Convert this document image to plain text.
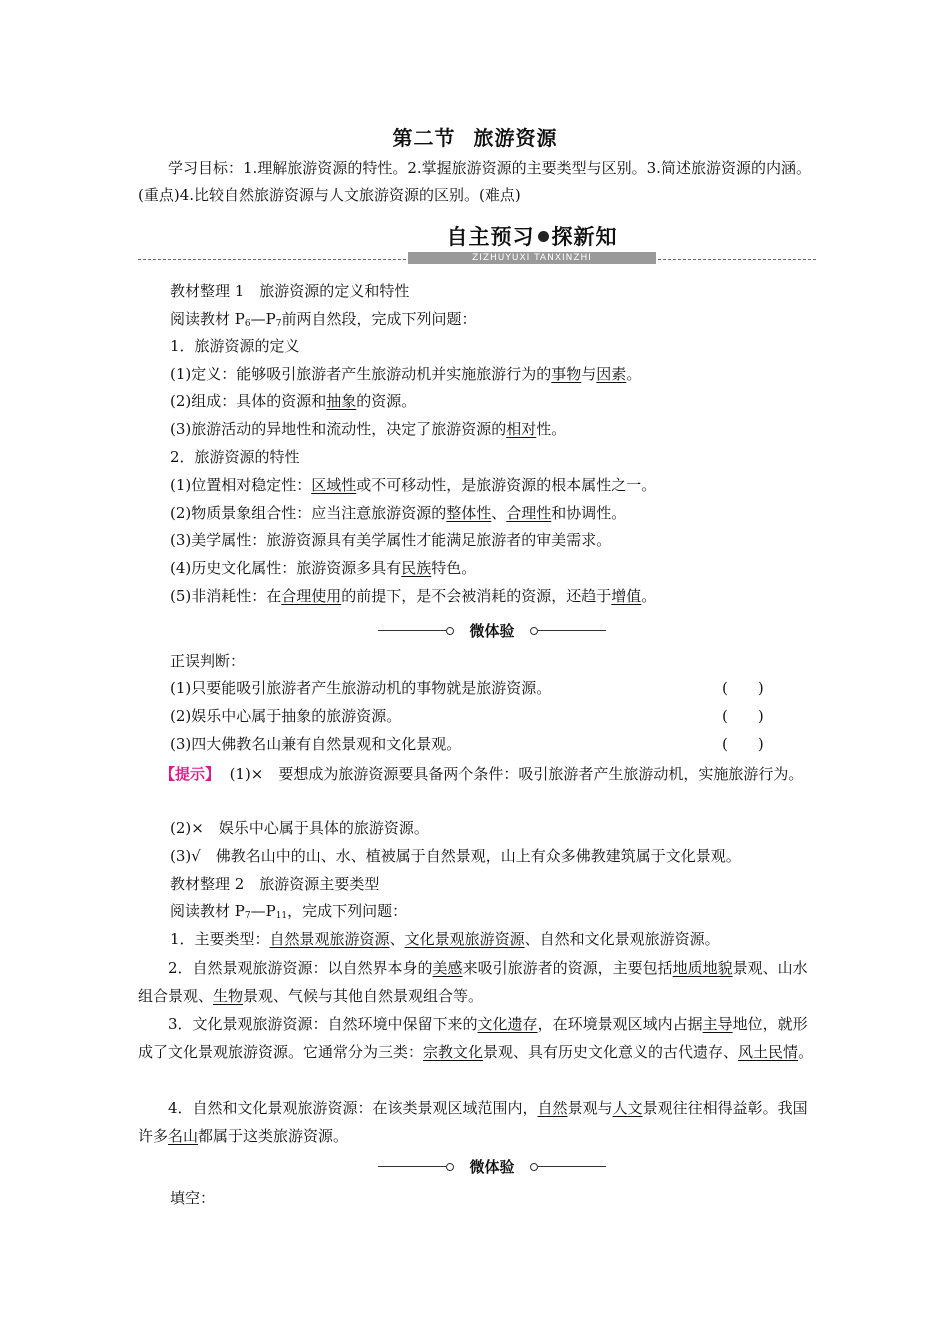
第二节 旅游资源
学习目标：1.理解旅游资源的特性。2.掌握旅游资源的主要类型与区别。3.简述旅游资源的内涵。(重点)4.比较自然旅游资源与人文旅游资源的区别。(难点)
自主预习 探新知
ZIZHUYUXI TANXINZHI
教材整理 1　旅游资源的定义和特性
阅读教材 $P_6—P_7$前两自然段，完成下列问题：
1．旅游资源的定义
(1)定义：能够吸引旅游者产生旅游动机并实施旅游行为的事物与因素。
(2)组成：具体的资源和抽象的资源。
(3)旅游活动的异地性和流动性，决定了旅游资源的相对性。
2．旅游资源的特性
(1)位置相对稳定性：区域性或不可移动性，是旅游资源的根本属性之一。
(2)物质景象组合性：应当注意旅游资源的整体性、合理性和协调性。
(3)美学属性：旅游资源具有美学属性才能满足旅游者的审美需求。
(4)历史文化属性：旅游资源多具有民族特色。
(5)非消耗性：在合理使用的前提下，是不会被消耗的资源，还趋于增值。
微体验
正误判断：
(1)只要能吸引旅游者产生旅游动机的事物就是旅游资源。	(　　)
(2)娱乐中心属于抽象的旅游资源。	(　　)
(3)四大佛教名山兼有自然景观和文化景观。	(　　)
【提示】 (1)×　要想成为旅游资源要具备两个条件：吸引旅游者产生旅游动机，实施旅游行为。
(2)×　娱乐中心属于具体的旅游资源。
(3)√　佛教名山中的山、水、植被属于自然景观，山上有众多佛教建筑属于文化景观。
教材整理 2　旅游资源主要类型
阅读教材 $P_7—P_{11}$，完成下列问题：
1．主要类型：自然景观旅游资源、文化景观旅游资源、自然和文化景观旅游资源。
2．自然景观旅游资源：以自然界本身的美感来吸引旅游者的资源，主要包括地质地貌景观、山水组合景观、生物景观、气候与其他自然景观组合等。
3．文化景观旅游资源：自然环境中保留下来的文化遗存，在环境景观区域内占据主导地位，就形成了文化景观旅游资源。它通常分为三类：宗教文化景观、具有历史文化意义的古代遗存、风土民情。
4．自然和文化景观旅游资源：在该类景观区域范围内，自然景观与人文景观往往相得益彰。我国许多名山都属于这类旅游资源。
微体验
填空：
